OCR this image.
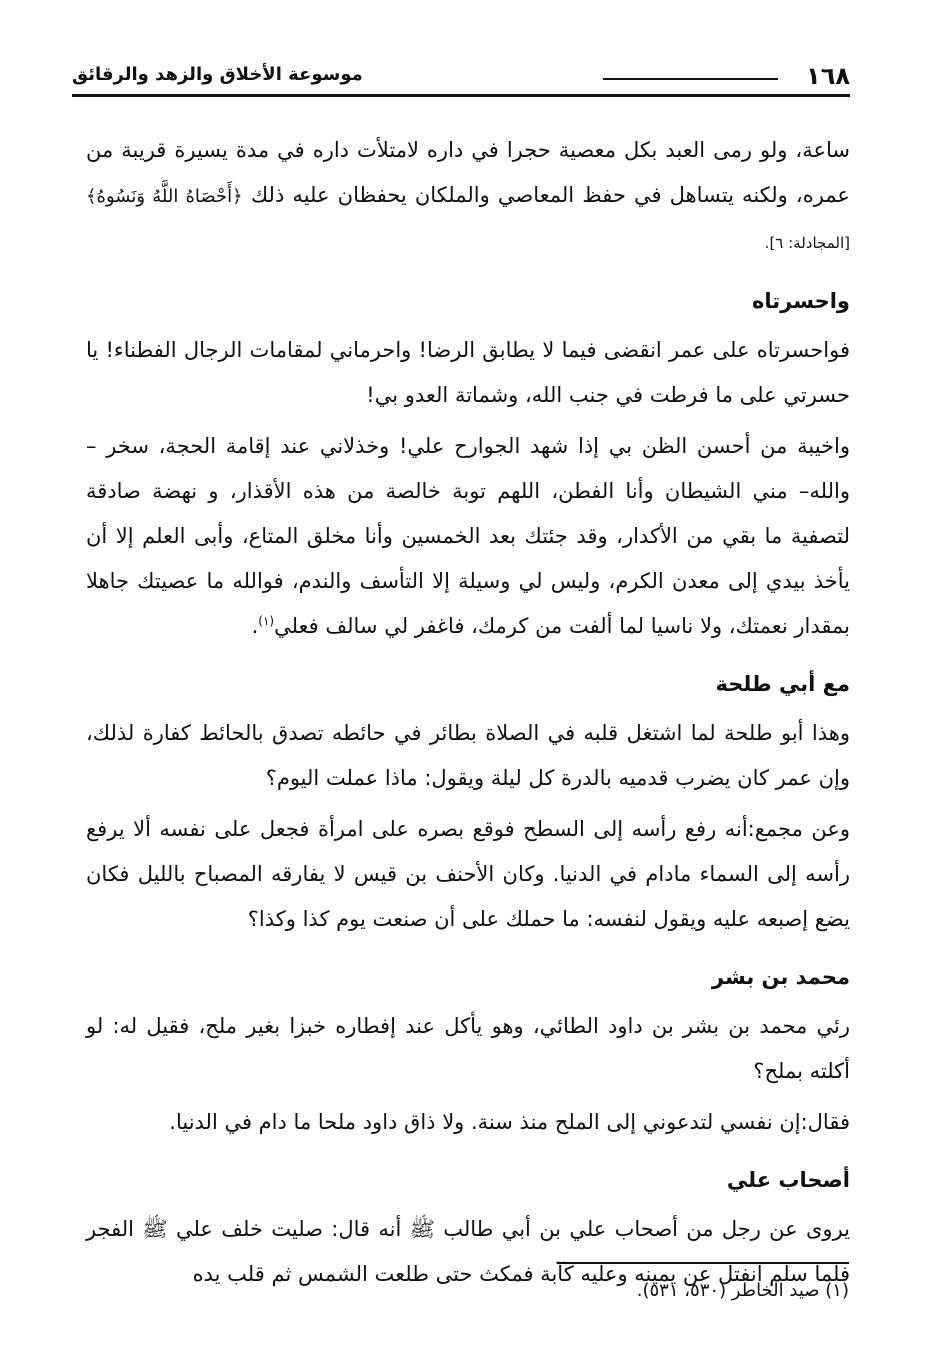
١٦٨
موسوعة الأخلاق والزهد والرقائق

ساعة، ولو رمى العبد بكل معصية حجرا في داره لامتلأت داره في مدة يسيرة قريبة من عمره، ولكنه يتساهل في حفظ المعاصي والملكان يحفظان عليه ذلك ﴿أَحْصَاهُ اللَّهُ وَنَسُوهُ﴾ [المجادلة: ٦].

واحسرتاه

فواحسرتاه على عمر انقضى فيما لا يطابق الرضا! واحرماني لمقامات الرجال الفطناء! يا حسرتي على ما فرطت في جنب الله، وشماتة العدو بي!

واخيبة من أحسن الظن بي إذا شهد الجوارح علي! وخذلاني عند إقامة الحجة، سخر –والله– مني الشيطان وأنا الفطن، اللهم توبة خالصة من هذه الأقذار، و نهضة صادقة لتصفية ما بقي من الأكدار، وقد جئتك بعد الخمسين وأنا مخلق المتاع، وأبى العلم إلا أن يأخذ بيدي إلى معدن الكرم، وليس لي وسيلة إلا التأسف والندم، فوالله ما عصيتك جاهلا بمقدار نعمتك، ولا ناسيا لما ألفت من كرمك، فاغفر لي سالف فعلي$^{(١)}$.

مع أبي طلحة

وهذا أبو طلحة لما اشتغل قلبه في الصلاة بطائر في حائطه تصدق بالحائط كفارة لذلك، وإن عمر كان يضرب قدميه بالدرة كل ليلة ويقول: ماذا عملت اليوم؟

وعن مجمع:أنه رفع رأسه إلى السطح فوقع بصره على امرأة فجعل على نفسه ألا يرفع رأسه إلى السماء مادام في الدنيا. وكان الأحنف بن قيس لا يفارقه المصباح بالليل فكان يضع إصبعه عليه ويقول لنفسه: ما حملك على أن صنعت يوم كذا وكذا؟

محمد بن بشر

رئي محمد بن بشر بن داود الطائي، وهو يأكل عند إفطاره خبزا بغير ملح، فقيل له: لو أكلته بملح؟

فقال:إن نفسي لتدعوني إلى الملح منذ سنة. ولا ذاق داود ملحا ما دام في الدنيا.

أصحاب علي

يروى عن رجل من أصحاب علي بن أبي طالب ﷺ أنه قال: صليت خلف علي ﷺ الفجر فلما سلم انفتل عن يمينه وعليه كآبة فمكث حتى طلعت الشمس ثم قلب يده

(١) صيد الخاطر (٥٣٠، ٥٣١).
